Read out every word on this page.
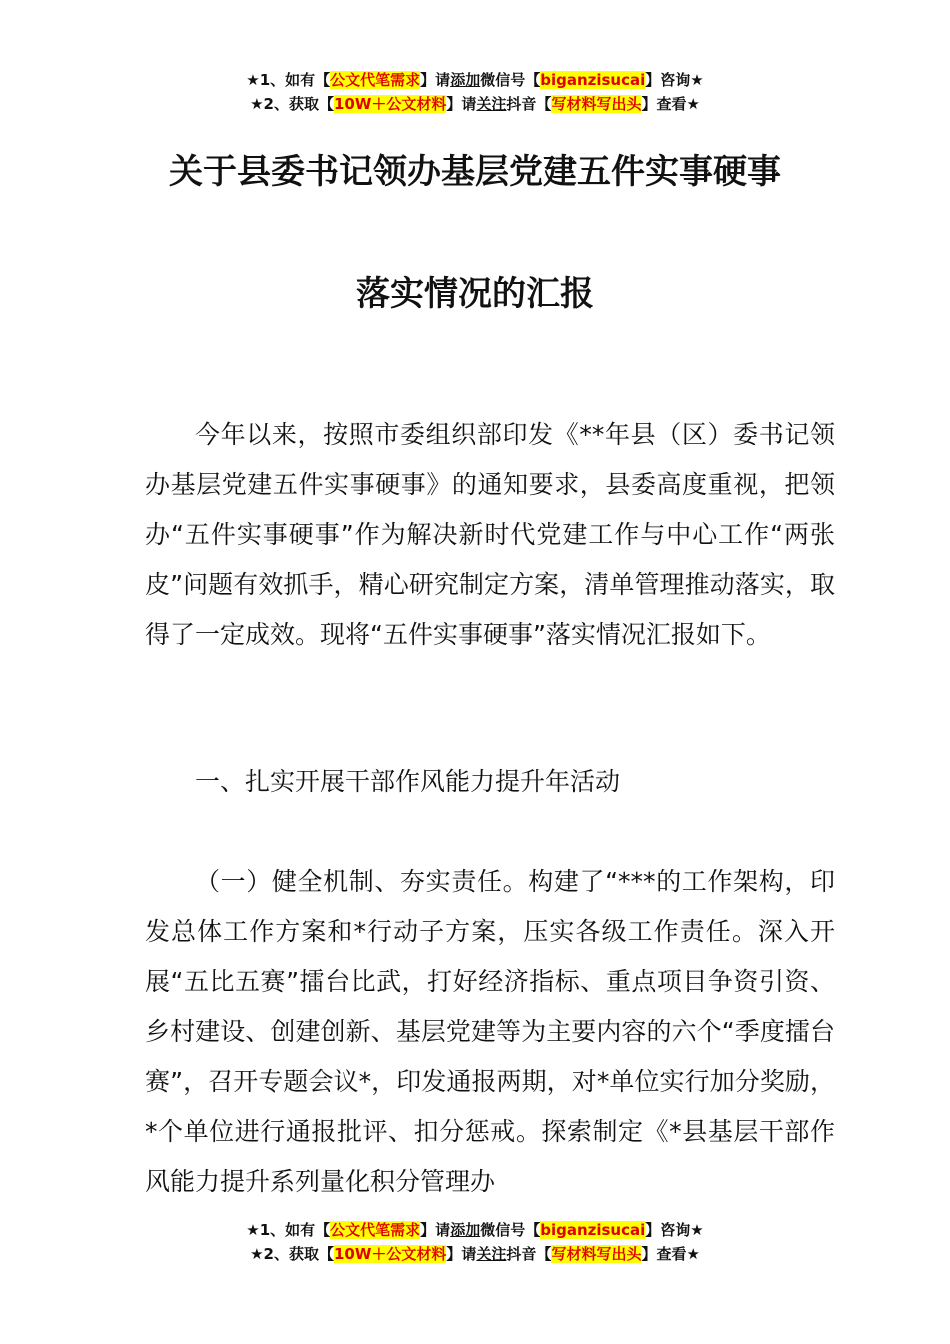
★1、如有【公文代笔需求】请添加微信号【biganzisucai】咨询★
★2、获取【10W＋公文材料】请关注抖音【写材料写出头】查看★
关于县委书记领办基层党建五件实事硬事
落实情况的汇报

今年以来，按照市委组织部印发《**年县（区）委书记领办基层党建五件实事硬事》的通知要求，县委高度重视，把领办“五件实事硬事”作为解决新时代党建工作与中心工作“两张皮”问题有效抓手，精心研究制定方案，清单管理推动落实，取得了一定成效。现将“五件实事硬事”落实情况汇报如下。

一、扎实开展干部作风能力提升年活动

（一）健全机制、夯实责任。构建了“***的工作架构，印发总体工作方案和*行动子方案，压实各级工作责任。深入开展“五比五赛”擂台比武，打好经济指标、重点项目争资引资、乡村建设、创建创新、基层党建等为主要内容的六个“季度擂台赛”，召开专题会议*，印发通报两期，对*单位实行加分奖励，*个单位进行通报批评、扣分惩戒。探索制定《*县基层干部作风能力提升系列量化积分管理办

★1、如有【公文代笔需求】请添加微信号【biganzisucai】咨询★
★2、获取【10W＋公文材料】请关注抖音【写材料写出头】查看★
